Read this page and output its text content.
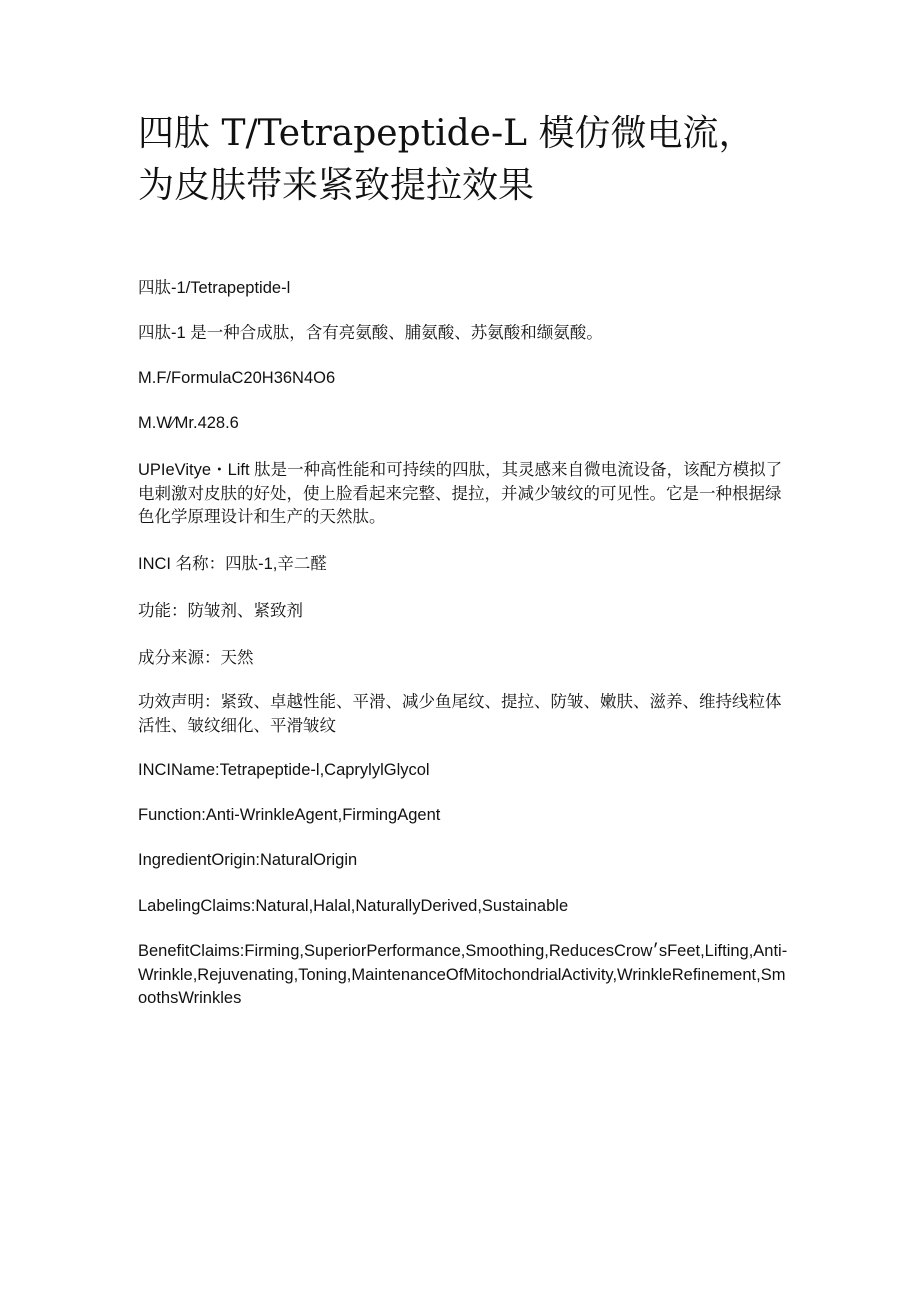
四肽 T/Tetrapeptide-L 模仿微电流，
为皮肤带来紧致提拉效果

四肽-1/Tetrapeptide-l

四肽-1 是一种合成肽，含有亮氨酸、脯氨酸、苏氨酸和缬氨酸。

M.F/FormulaC20H36N4O6

M.W∕Mr.428.6

UPIeVitye・Lift 肽是一种高性能和可持续的四肽，其灵感来自微电流设备，该配方模拟了电刺激对皮肤的好处，使上脸看起来完整、提拉，并减少皱纹的可见性。它是一种根据绿色化学原理设计和生产的天然肽。

INCI 名称：四肽-1,辛二醛

功能：防皱剂、紧致剂

成分来源：天然

功效声明：紧致、卓越性能、平滑、减少鱼尾纹、提拉、防皱、嫩肤、滋养、维持线粒体活性、皱纹细化、平滑皱纹

INCIName:Tetrapeptide-l,CaprylylGlycol

Function:Anti-WrinkleAgent,FirmingAgent

IngredientOrigin:NaturalOrigin

LabelingClaims:Natural,Halal,NaturallyDerived,Sustainable

BenefitClaims:Firming,SuperiorPerformance,Smoothing,ReducesCrow׳sFeet,Lifting,Anti-Wrinkle,Rejuvenating,Toning,MaintenanceOfMitochondrialActivity,WrinkleRefinement,SmoothsWrinkles
